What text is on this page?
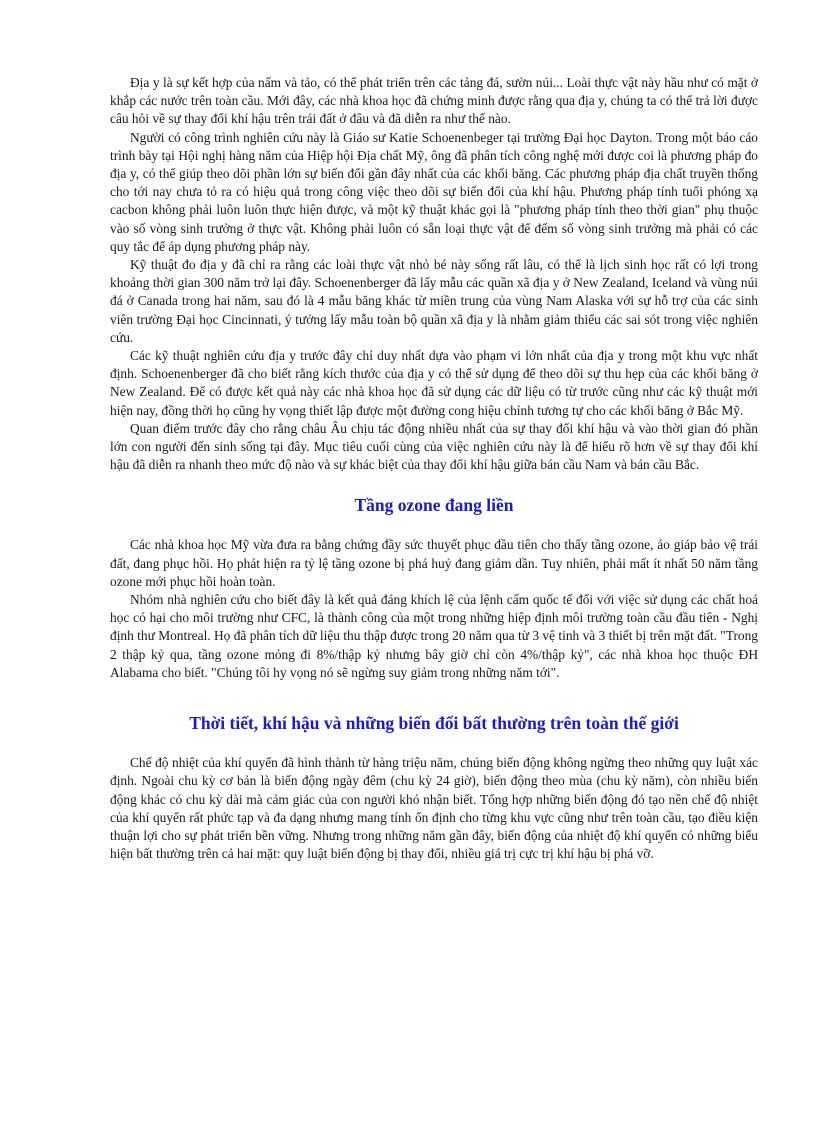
Địa y là sự kết hợp của nấm và tảo, có thể phát triển trên các tảng đá, sườn núi... Loài thực vật này hầu như có mặt ở khắp các nước trên toàn cầu. Mới đây, các nhà khoa học đã chứng minh được rằng qua địa y, chúng ta có thể trả lời được câu hỏi về sự thay đổi khí hậu trên trái đất ở đâu và đã diễn ra như thế nào.

Người có công trình nghiên cứu này là Giáo sư Katie Schoenenbeger tại trường Đại học Dayton. Trong một báo cáo trình bày tại Hội nghị hàng năm của Hiệp hội Địa chất Mỹ, ông đã phân tích công nghệ mới được coi là phương pháp đo địa y, có thể giúp theo dõi phần lớn sự biến đổi gần đây nhất của các khối băng. Các phương pháp địa chất truyền thống cho tới nay chưa tỏ ra có hiệu quả trong công việc theo dõi sự biến đổi của khí hậu. Phương pháp tính tuổi phóng xạ cacbon không phải luôn luôn thực hiện được, và một kỹ thuật khác gọi là "phương pháp tính theo thời gian" phụ thuộc vào số vòng sinh trưởng ở thực vật. Không phải luôn có sẵn loại thực vật để đếm số vòng sinh trưởng mà phải có các quy tắc để áp dụng phương pháp này.

Kỹ thuật đo địa y đã chỉ ra rằng các loài thực vật nhỏ bé này sống rất lâu, có thể là lịch sinh học rất có lợi trong khoảng thời gian 300 năm trở lại đây. Schoenenberger đã lấy mẫu các quần xã địa y ở New Zealand, Iceland và vùng núi đá ở Canada trong hai năm, sau đó là 4 mẫu băng khác từ miền trung của vùng Nam Alaska với sự hỗ trợ của các sinh viên trường Đại học Cincinnati, ý tưởng lấy mẫu toàn bộ quần xã địa y là nhằm giảm thiểu các sai sót trong việc nghiên cứu.

Các kỹ thuật nghiên cứu địa y trước đây chỉ duy nhất dựa vào phạm vi lớn nhất của địa y trong một khu vực nhất định. Schoenenberger đã cho biết rằng kích thước của địa y có thể sử dụng để theo dõi sự thu hẹp của các khối băng ở New Zealand. Để có được kết quả này các nhà khoa học đã sử dụng các dữ liệu có từ trước cũng như các kỹ thuật mới hiện nay, đồng thời họ cũng hy vọng thiết lập được một đường cong hiệu chỉnh tương tự cho các khối băng ở Bắc Mỹ.

Quan điểm trước đây cho rằng châu Âu chịu tác động nhiều nhất của sự thay đổi khí hậu và vào thời gian đó phần lớn con người đến sinh sống tại đây. Mục tiêu cuối cùng của việc nghiên cứu này là để hiểu rõ hơn về sự thay đổi khí hậu đã diễn ra nhanh theo mức độ nào và sự khác biệt của thay đổi khí hậu giữa bán cầu Nam và bán cầu Bắc.

Tầng ozone đang liền

Các nhà khoa học Mỹ vừa đưa ra bằng chứng đầy sức thuyết phục đầu tiên cho thấy tầng ozone, áo giáp bảo vệ trái đất, đang phục hồi. Họ phát hiện ra tỷ lệ tầng ozone bị phá huỷ đang giảm dần. Tuy nhiên, phải mất ít nhất 50 năm tầng ozone mới phục hồi hoàn toàn.

Nhóm nhà nghiên cứu cho biết đây là kết quả đáng khích lệ của lệnh cấm quốc tế đối với việc sử dụng các chất hoá học có hại cho môi trường như CFC, là thành công của một trong những hiệp định môi trường toàn cầu đầu tiên - Nghị định thư Montreal. Họ đã phân tích dữ liệu thu thập được trong 20 năm qua từ 3 vệ tinh và 3 thiết bị trên mặt đất. "Trong 2 thập kỷ qua, tầng ozone mỏng đi 8%/thập kỷ nhưng bây giờ chỉ còn 4%/thập kỷ", các nhà khoa học thuộc ĐH Alabama cho biết. "Chúng tôi hy vọng nó sẽ ngừng suy giảm trong những năm tới".

Thời tiết, khí hậu và những biến đổi bất thường trên toàn thế giới

Chế độ nhiệt của khí quyển đã hình thành từ hàng triệu năm, chúng biến động không ngừng theo những quy luật xác định. Ngoài chu kỳ cơ bản là biến động ngày đêm (chu kỳ 24 giờ), biến động theo mùa (chu kỳ năm), còn nhiều biến động khác có chu kỳ dài mà cảm giác của con người khó nhận biết. Tổng hợp những biến động đó tạo nên chế độ nhiệt của khí quyển rất phức tạp và đa dạng nhưng mang tính ổn định cho từng khu vực cũng như trên toàn cầu, tạo điều kiện thuận lợi cho sự phát triển bền vững. Nhưng trong những năm gần đây, biến động của nhiệt độ khí quyển có những biểu hiện bất thường trên cả hai mặt: quy luật biến động bị thay đổi, nhiều giá trị cực trị khí hậu bị phá vỡ.
